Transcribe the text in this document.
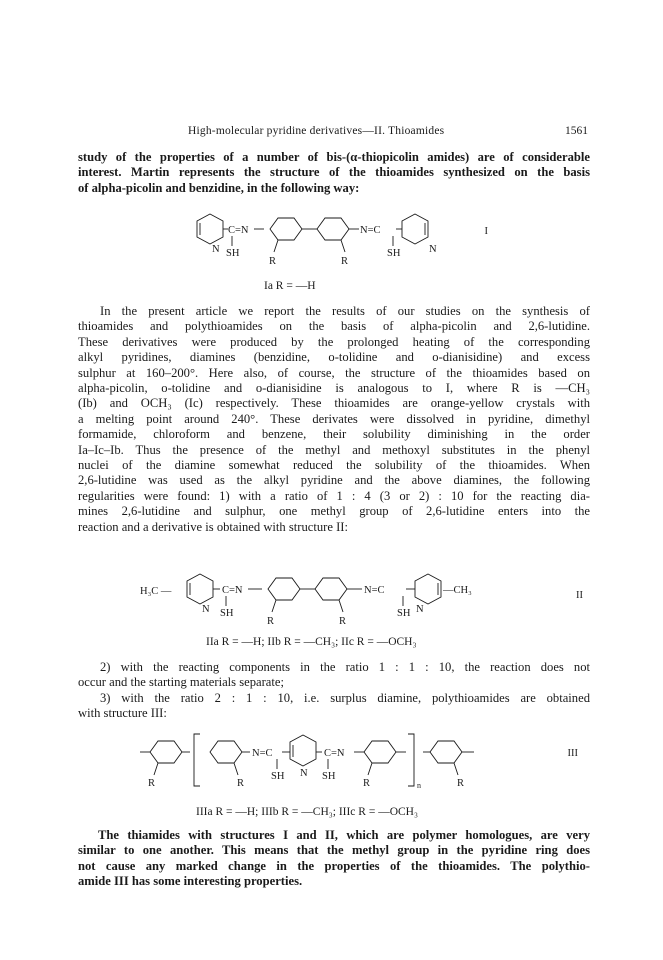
High-molecular pyridine derivatives—II. Thioamides	1561
study of the properties of a number of bis-(α-thiopicolin amides) are of considerable
interest. Martin represents the structure of the thioamides synthesized on the basis
of alpha-picolin and benzidine, in the following way:
N
C=N
SH
R	R
N=C
SH	N
I
Ia R = —H
In the present article we report the results of our studies on the synthesis of
thioamides and polythioamides on the basis of alpha-picolin and 2,6-lutidine.
These derivatives were produced by the prolonged heating of the corresponding
alkyl pyridines, diamines (benzidine, o-tolidine and o-dianisidine) and excess
sulphur at 160–200°. Here also, of course, the structure of the thioamides based on
alpha-picolin, o-tolidine and o-dianisidine is analogous to I, where R is —CH₃
(Ib) and OCH₃ (Ic) respectively. These thioamides are orange-yellow crystals with
a melting point around 240°. These derivates were dissolved in pyridine, dimethyl
formamide, chloroform and benzene, their solubility diminishing in the order
Ia–Ic–Ib. Thus the presence of the methyl and methoxyl substitutes in the phenyl
nuclei of the diamine somewhat reduced the solubility of the thioamides. When
2,6-lutidine was used as the alkyl pyridine and the above diamines, the following
regularities were found: 1) with a ratio of 1 : 4 (3 or 2) : 10 for the reacting dia-
mines 2,6-lutidine and sulphur, one methyl group of 2,6-lutidine enters into the
reaction and a derivative is obtained with structure II:
H₃C —
N
C=N
SH
R	R
N=C
SH N
—CH₃	II
IIa R = —H; IIb R = —CH₃; IIc R = —OCH₃
2) with the reacting components in the ratio 1 : 1 : 10, the reaction does not
occur and the starting materials separate;
3) with the ratio 2 : 1 : 10, i.e. surplus diamine, polythioamides are obtained
with structure III:
R	R
N=C
SH N
C=N
SH
R	n	R
III
IIIa R = —H; IIIb R = —CH₃; IIIc R = —OCH₃
The thiamides with structures I and II, which are polymer homologues, are very
similar to one another. This means that the methyl group in the pyridine ring does
not cause any marked change in the properties of the thioamides. The polythio-
amide III has some interesting properties.
